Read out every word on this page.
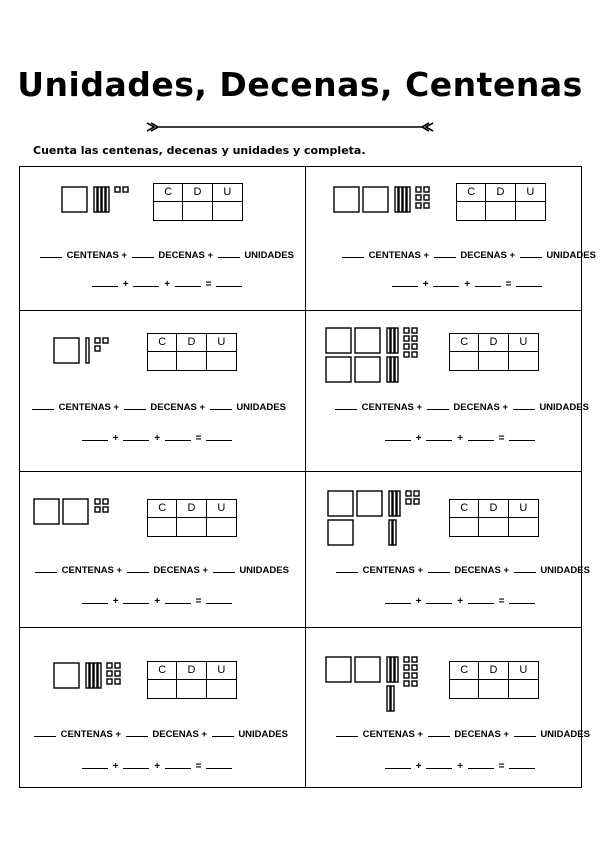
Unidades, Decenas, Centenas
Cuenta las centenas, decenas y unidades y completa.
C	D	U
CENTENAS +	DECENAS +	UNIDADES
+	+	=
C	D	U
CENTENAS +	DECENAS +	UNIDADES
+	+	=
C	D	U
CENTENAS +	DECENAS +	UNIDADES
+	+	=
C	D	U
CENTENAS +	DECENAS +	UNIDADES
+	+	=
C	D	U
CENTENAS +	DECENAS +	UNIDADES
+	+	=
C	D	U
CENTENAS +	DECENAS +	UNIDADES
+	+	=
C	D	U
CENTENAS +	DECENAS +	UNIDADES
+	+	=
C	D	U
CENTENAS +	DECENAS +	UNIDADES
+	+	=
